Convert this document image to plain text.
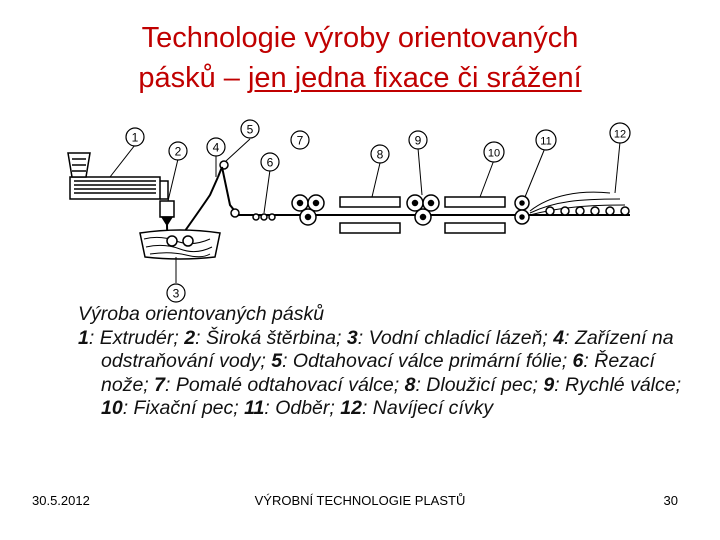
Technologie výroby orientovaných
pásků – jen jedna fixace či srážení
1
2
3
4
5
6
7
8
9
10
11
12
Výroba orientovaných pásků
1: Extrudér; 2: Široká štěrbina; 3: Vodní chladicí lázeň; 4: Zařízení na odstraňování vody; 5: Odtahovací válce primární fólie; 6: Řezací nože; 7: Pomalé odtahovací válce; 8: Dloužicí pec; 9: Rychlé válce; 10: Fixační pec; 11: Odběr; 12: Navíjecí cívky
30.5.2012	VÝROBNÍ TECHNOLOGIE PLASTŮ	30
